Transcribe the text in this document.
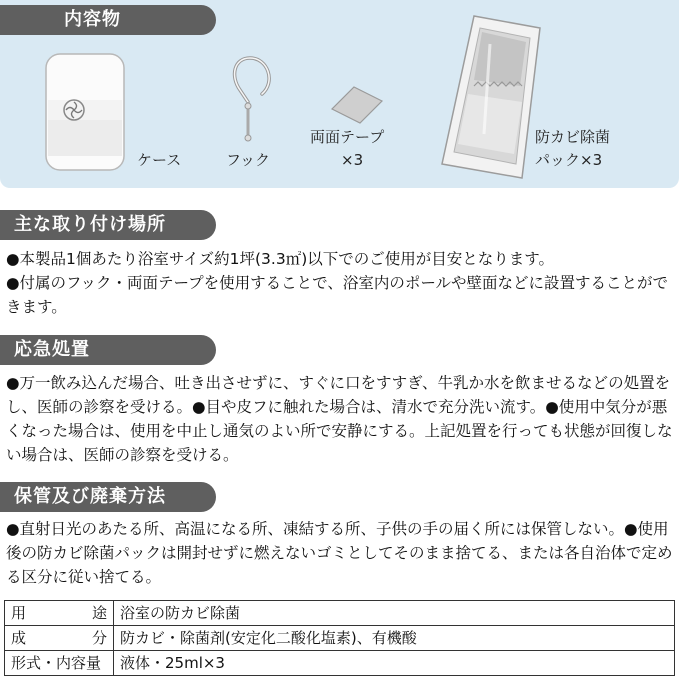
内容物
ケース	フック
両面テープ
×3
防カビ除菌
パック×3
主な取り付け場所

●本製品1個あたり浴室サイズ約1坪(3.3㎡)以下でのご使用が目安となります。

●付属のフック・両面テープを使用することで、浴室内のポールや壁面などに設置することができます。

応急処置

●万一飲み込んだ場合、吐き出させずに、すぐに口をすすぎ、牛乳か水を飲ませるなどの処置をし、医師の診察を受ける。●目や皮フに触れた場合は、清水で充分洗い流す。●使用中気分が悪くなった場合は、使用を中止し通気のよい所で安静にする。上記処置を行っても状態が回復しない場合は、医師の診察を受ける。

保管及び廃棄方法

●直射日光のあたる所、高温になる所、凍結する所、子供の手の届く所には保管しない。●使用後の防カビ除菌パックは開封せずに燃えないゴミとしてそのまま捨てる、または各自治体で定める区分に従い捨てる。

用 途	浴室の防カビ除菌

成 分	防カビ・除菌剤(安定化二酸化塩素)、有機酸
形式・内容量	液体・25ml×3
